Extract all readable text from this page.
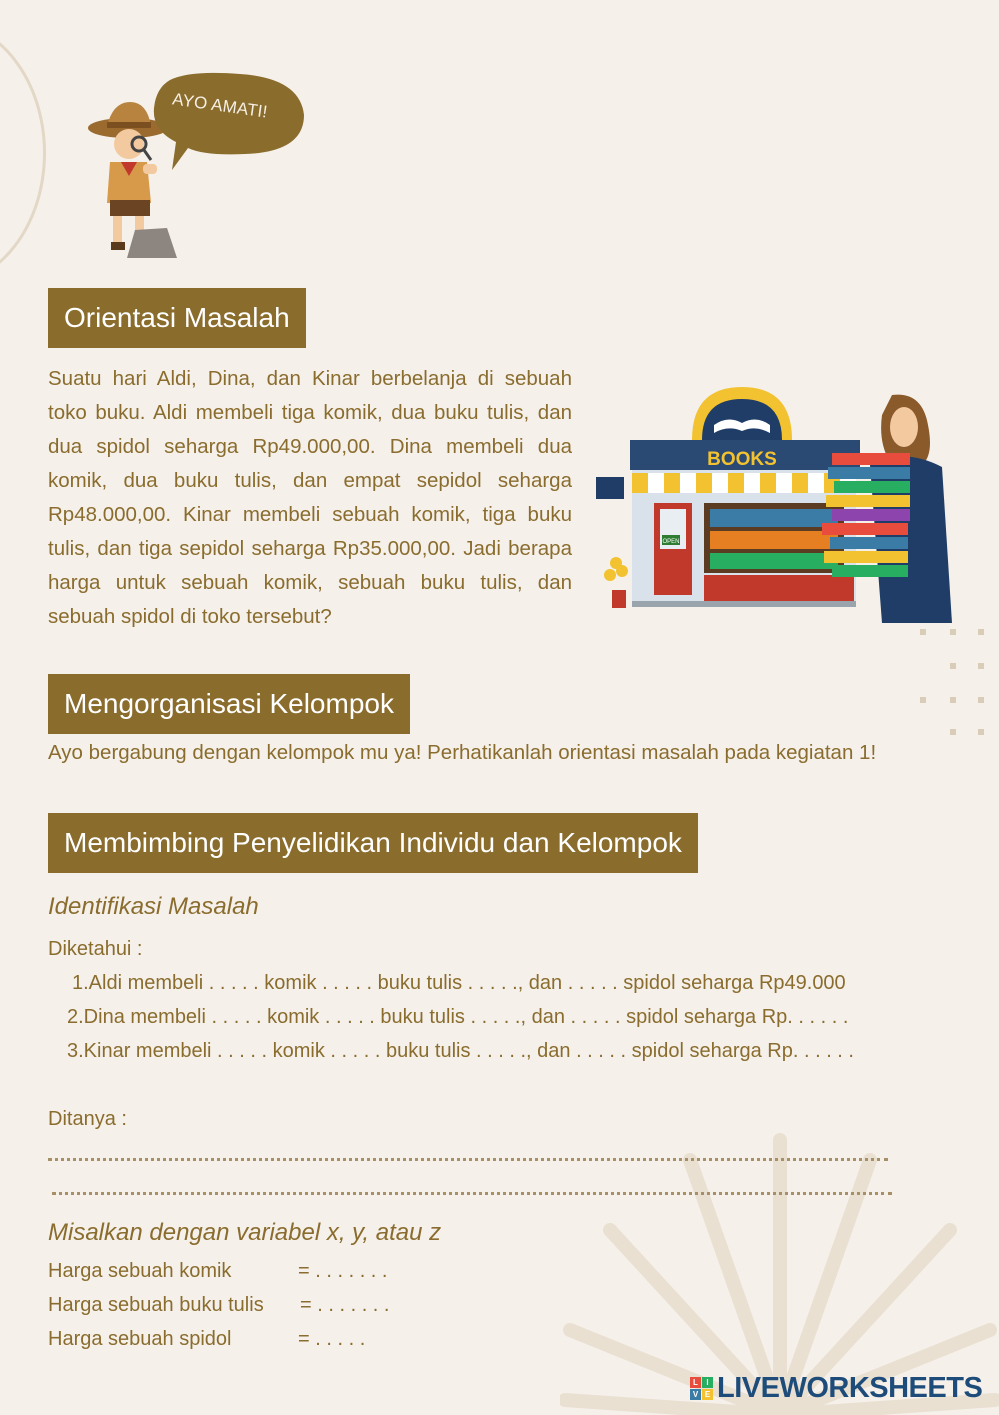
AYO AMATI!
Orientasi Masalah
Suatu hari Aldi, Dina, dan Kinar berbelanja di sebuah toko buku. Aldi membeli tiga komik, dua buku tulis, dan dua spidol seharga Rp49.000,00. Dina membeli dua komik, dua buku tulis, dan empat sepidol seharga Rp48.000,00. Kinar membeli sebuah komik, tiga buku tulis, dan tiga sepidol seharga Rp35.000,00. Jadi berapa harga untuk sebuah komik, sebuah buku tulis, dan sebuah spidol di toko tersebut?
BOOKS
OPEN
Mengorganisasi Kelompok
Ayo bergabung dengan kelompok mu ya! Perhatikanlah orientasi masalah pada kegiatan 1!
Membimbing Penyelidikan Individu dan Kelompok
Identifikasi Masalah
Diketahui :
1.Aldi membeli . . . . . komik . . . . . buku tulis . . . . ., dan . . . . . spidol seharga Rp49.000
2.Dina membeli . . . . . komik . . . . . buku tulis . . . . ., dan . . . . . spidol seharga Rp. . . . . .
3.Kinar membeli . . . . . komik . . . . . buku tulis . . . . ., dan . . . . . spidol seharga Rp. . . . . .
Ditanya :
Misalkan dengan variabel x, y, atau z
Harga sebuah komik	= . . . . . . .
Harga sebuah buku tulis = . . . . . . .
Harga sebuah spidol	= . . . . .
L	I
V E LIVEWORKSHEETS
